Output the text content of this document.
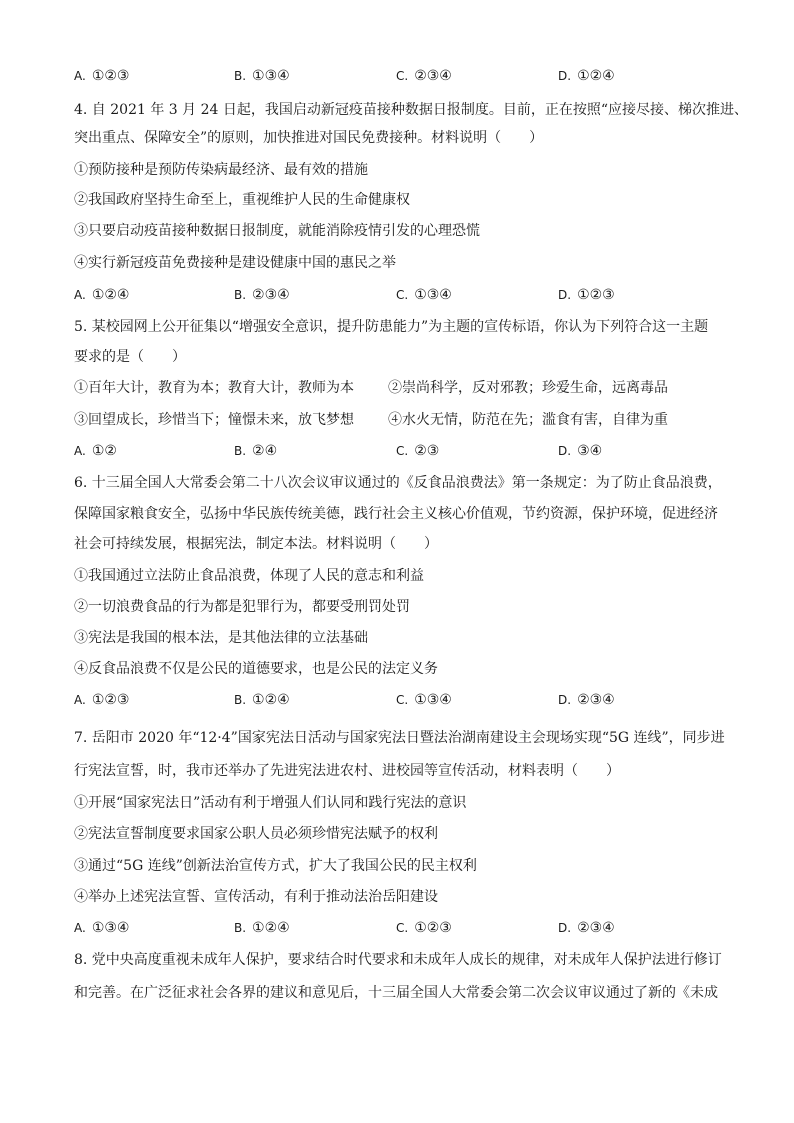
A. ①②③	B. ①③④	C. ②③④	D. ①②④
4. 自 2021 年 3 月 24 日起，我国启动新冠疫苗接种数据日报制度。目前，正在按照“应接尽接、梯次推进、
突出重点、保障安全”的原则，加快推进对国民免费接种。材料说明（　　）
①预防接种是预防传染病最经济、最有效的措施
②我国政府坚持生命至上，重视维护人民的生命健康权
③只要启动疫苗接种数据日报制度，就能消除疫情引发的心理恐慌
④实行新冠疫苗免费接种是建设健康中国的惠民之举
A. ①②④	B. ②③④	C. ①③④	D. ①②③
5. 某校园网上公开征集以“增强安全意识，提升防患能力”为主题的宣传标语，你认为下列符合这一主题
要求的是（　　）
①百年大计，教育为本；教育大计，教师为本 ②崇尚科学，反对邪教；珍爱生命，远离毒品
③回望成长，珍惜当下；憧憬未来，放飞梦想 ④水火无情，防范在先；滥食有害，自律为重
A. ①②	B. ②④	C. ②③	D. ③④
6. 十三届全国人大常委会第二十八次会议审议通过的《反食品浪费法》第一条规定：为了防止食品浪费，
保障国家粮食安全，弘扬中华民族传统美德，践行社会主义核心价值观，节约资源，保护环境，促进经济
社会可持续发展，根据宪法，制定本法。材料说明（　　）
①我国通过立法防止食品浪费，体现了人民的意志和利益
②一切浪费食品的行为都是犯罪行为，都要受刑罚处罚
③宪法是我国的根本法，是其他法律的立法基础
④反食品浪费不仅是公民的道德要求，也是公民的法定义务
A. ①②③	B. ①②④	C. ①③④	D. ②③④
7. 岳阳市 2020 年“12·4”国家宪法日活动与国家宪法日暨法治湖南建设主会现场实现“5G 连线”，同步进
行宪法宣誓，时，我市还举办了先进宪法进农村、进校园等宣传活动，材料表明（　　）
①开展“国家宪法日”活动有利于增强人们认同和践行宪法的意识
②宪法宣誓制度要求国家公职人员必须珍惜宪法赋予的权利
③通过“5G 连线”创新法治宣传方式，扩大了我国公民的民主权利
④举办上述宪法宣誓、宣传活动，有利于推动法治岳阳建设
A. ①③④	B. ①②④	C. ①②③	D. ②③④
8. 党中央高度重视未成年人保护，要求结合时代要求和未成年人成长的规律，对未成年人保护法进行修订
和完善。在广泛征求社会各界的建议和意见后，十三届全国人大常委会第二次会议审议通过了新的《未成
